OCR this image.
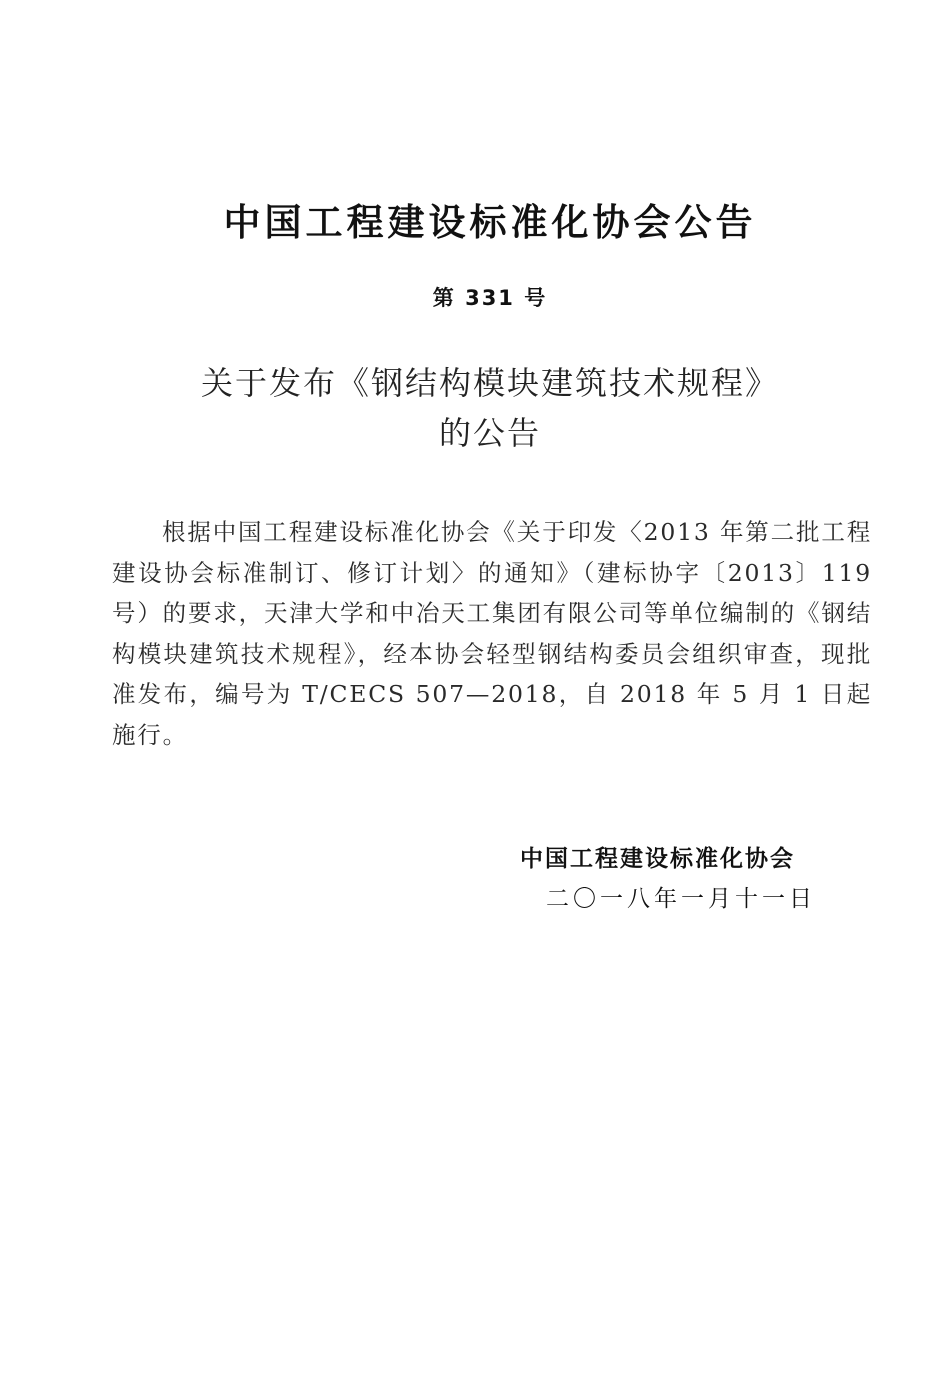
中国工程建设标准化协会公告
第 331 号
关于发布《钢结构模块建筑技术规程》
的公告

根据中国工程建设标准化协会《关于印发〈2013 年第二批工程建设协会标准制订、修订计划〉的通知》（建标协字〔2013〕119号）的要求，天津大学和中冶天工集团有限公司等单位编制的《钢结构模块建筑技术规程》，经本协会轻型钢结构委员会组织审查，现批准发布，编号为 T/CECS 507—2018，自 2018 年 5 月 1 日起施行。

中国工程建设标准化协会
二〇一八年一月十一日
